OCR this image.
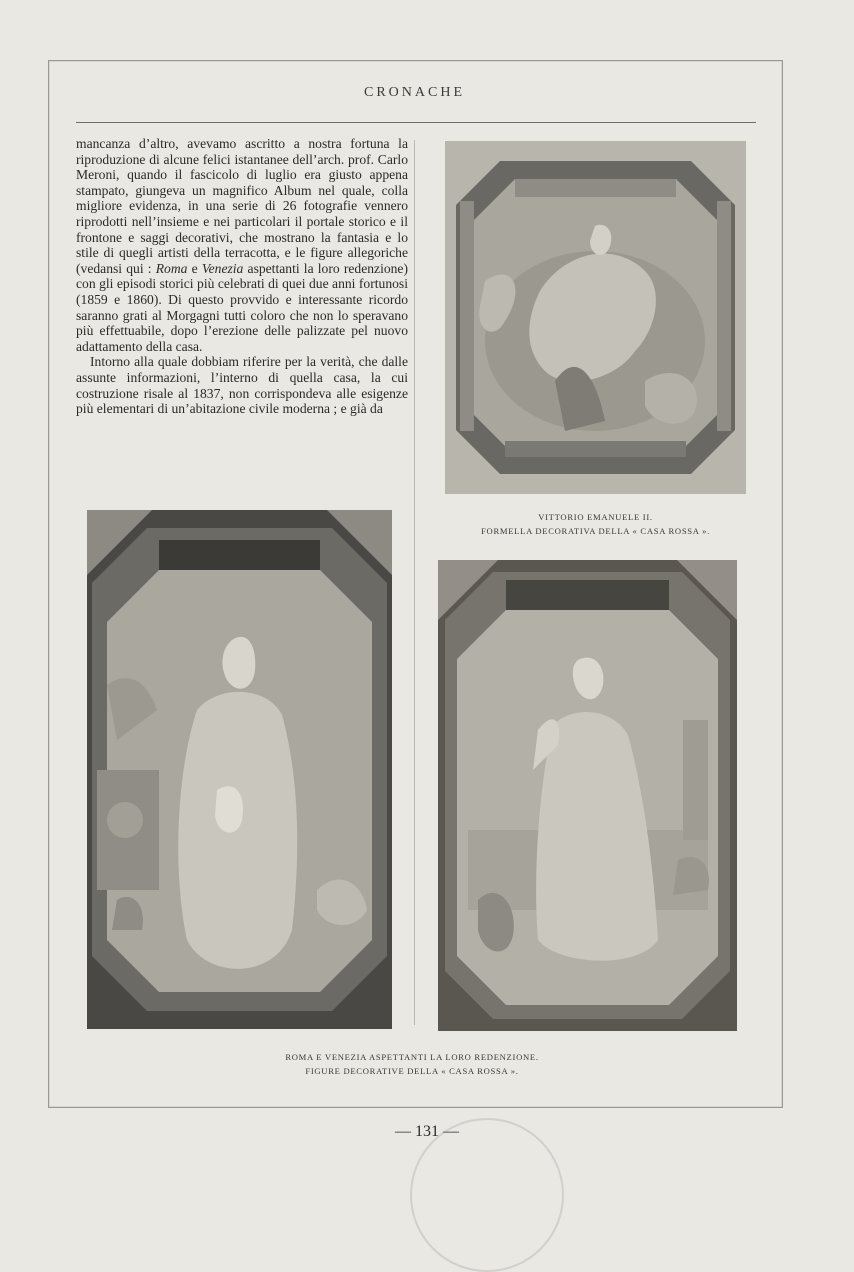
CRONACHE

mancanza d’altro, avevamo ascritto a nostra fortuna la riproduzione di alcune felici istantanee dell’arch. prof. Carlo Meroni, quando il fascicolo di luglio era giusto appena stampato, giungeva un magnifico Album nel quale, colla migliore evidenza, in una serie di 26 fotografie vennero riprodotti nell’insieme e nei particolari il portale storico e il frontone e saggi decorativi, che mostrano la fantasia e lo stile di quegli artisti della terracotta, e le figure allegoriche (vedansi qui : Roma e Venezia aspettanti la loro redenzione) con gli episodi storici più celebrati di quei due anni fortunosi (1859 e 1860). Di questo provvido e interessante ricordo saranno grati al Morgagni tutti coloro che non lo speravano più effettuabile, dopo l’erezione delle palizzate pel nuovo adattamento della casa.

Intorno alla quale dobbiam riferire per la verità, che dalle assunte informazioni, l’interno di quella casa, la cui costruzione risale al 1837, non corrispondeva alle esigenze più elementari di un’abitazione civile moderna ; e già da

VITTORIO EMANUELE II.
FORMELLA DECORATIVA DELLA « CASA ROSSA ».
ROMA E VENEZIA ASPETTANTI LA LORO REDENZIONE.
FIGURE DECORATIVE DELLA « CASA ROSSA ».
— 131 —
